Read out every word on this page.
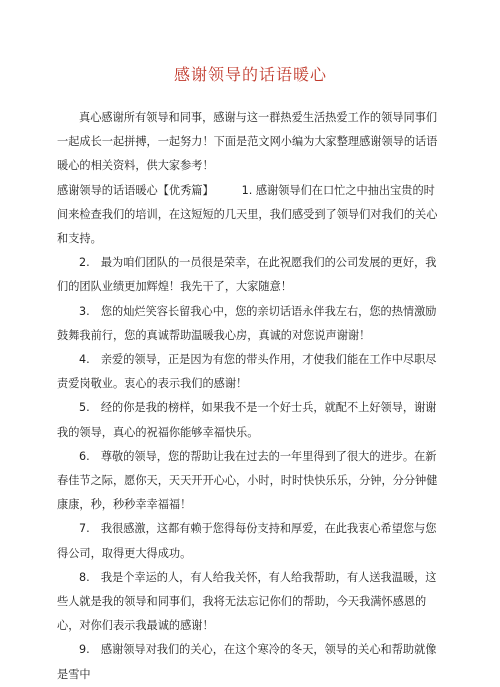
感谢领导的话语暖心

真心感谢所有领导和同事，感谢与这一群热爱生活热爱工作的领导同事们一起成长一起拼搏，一起努力！下面是范文网小编为大家整理感谢领导的话语暖心的相关资料，供大家参考！

感谢领导的话语暖心【优秀篇】　　　	1. 感谢领导们在口忙之中抽出宝贵的时间来检查我们的培训，在这短短的几天里，我们感受到了领导们对我们的关心和支持。

2.　最为咱们团队的一员很是荣幸，在此祝愿我们的公司发展的更好，我们的团队业绩更加辉煌！我先干了，大家随意！

3.　您的灿烂笑容长留我心中，您的亲切话语永伴我左右，您的热情激励鼓舞我前行，您的真诚帮助温暖我心房，真诚的对您说声谢谢！

4.　亲爱的领导，正是因为有您的带头作用，才使我们能在工作中尽职尽责爱岗敬业。衷心的表示我们的感谢！

5.　经的你是我的榜样，如果我不是一个好士兵，就配不上好领导，谢谢我的领导，真心的祝福你能够幸福快乐。

6.　尊敬的领导，您的帮助让我在过去的一年里得到了很大的进步。在新春佳节之际，愿你天，天天开开心心，小时，时时快快乐乐，分钟，分分钟健康康，秒，秒秒幸幸福福！

7.　我很感激，这都有赖于您得每份支持和厚爱，在此我衷心希望您与您得公司，取得更大得成功。

8.　我是个幸运的人，有人给我关怀，有人给我帮助，有人送我温暖，这些人就是我的领导和同事们，我将无法忘记你们的帮助，今天我满怀感恩的心，对你们表示我最诚的感谢！

9.　感谢领导对我们的关心，在这个寒冷的冬天，领导的关心和帮助就像是雪中
